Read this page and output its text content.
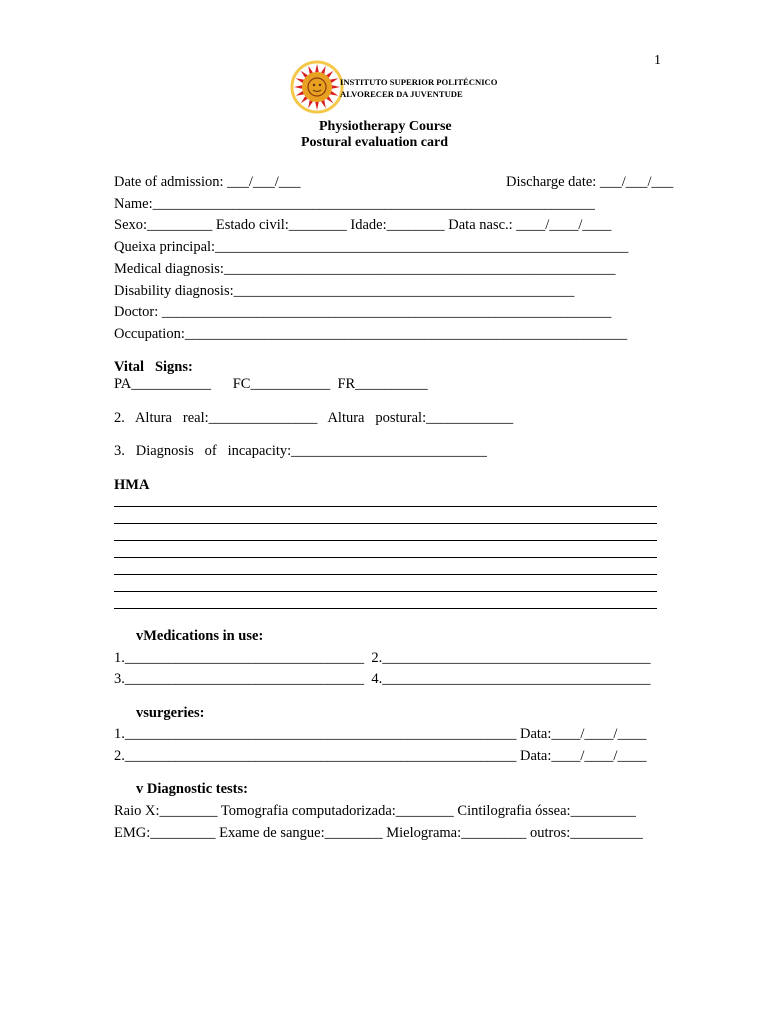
1
INSTITUTO SUPERIOR POLITÉCNICO
ALVORECER DA JUVENTUDE
Physiotherapy Course
Postural evaluation card
Date of admission: ___/___/___	Discharge date: ___/___/___
Name:_____________________________________________________________
Sexo:_________ Estado civil:________ Idade:________ Data nasc.: ____/____/____
Queixa principal:_________________________________________________________
Medical diagnosis:______________________________________________________
Disability diagnosis:_______________________________________________
Doctor: ______________________________________________________________
Occupation:_____________________________________________________________
Vital   Signs:
PA___________      FC___________  FR__________
2.   Altura   real:_______________   Altura   postural:____________
3.   Diagnosis   of   incapacity:___________________________
HMA
vMedications in use:
1._________________________________  2._____________________________________
3._________________________________  4._____________________________________
vsurgeries:
1.______________________________________________________ Data:____/____/____
2.______________________________________________________ Data:____/____/____
v Diagnostic tests:
Raio X:________ Tomografia computadorizada:________ Cintilografia óssea:_________
EMG:_________ Exame de sangue:________ Mielograma:_________ outros:__________
